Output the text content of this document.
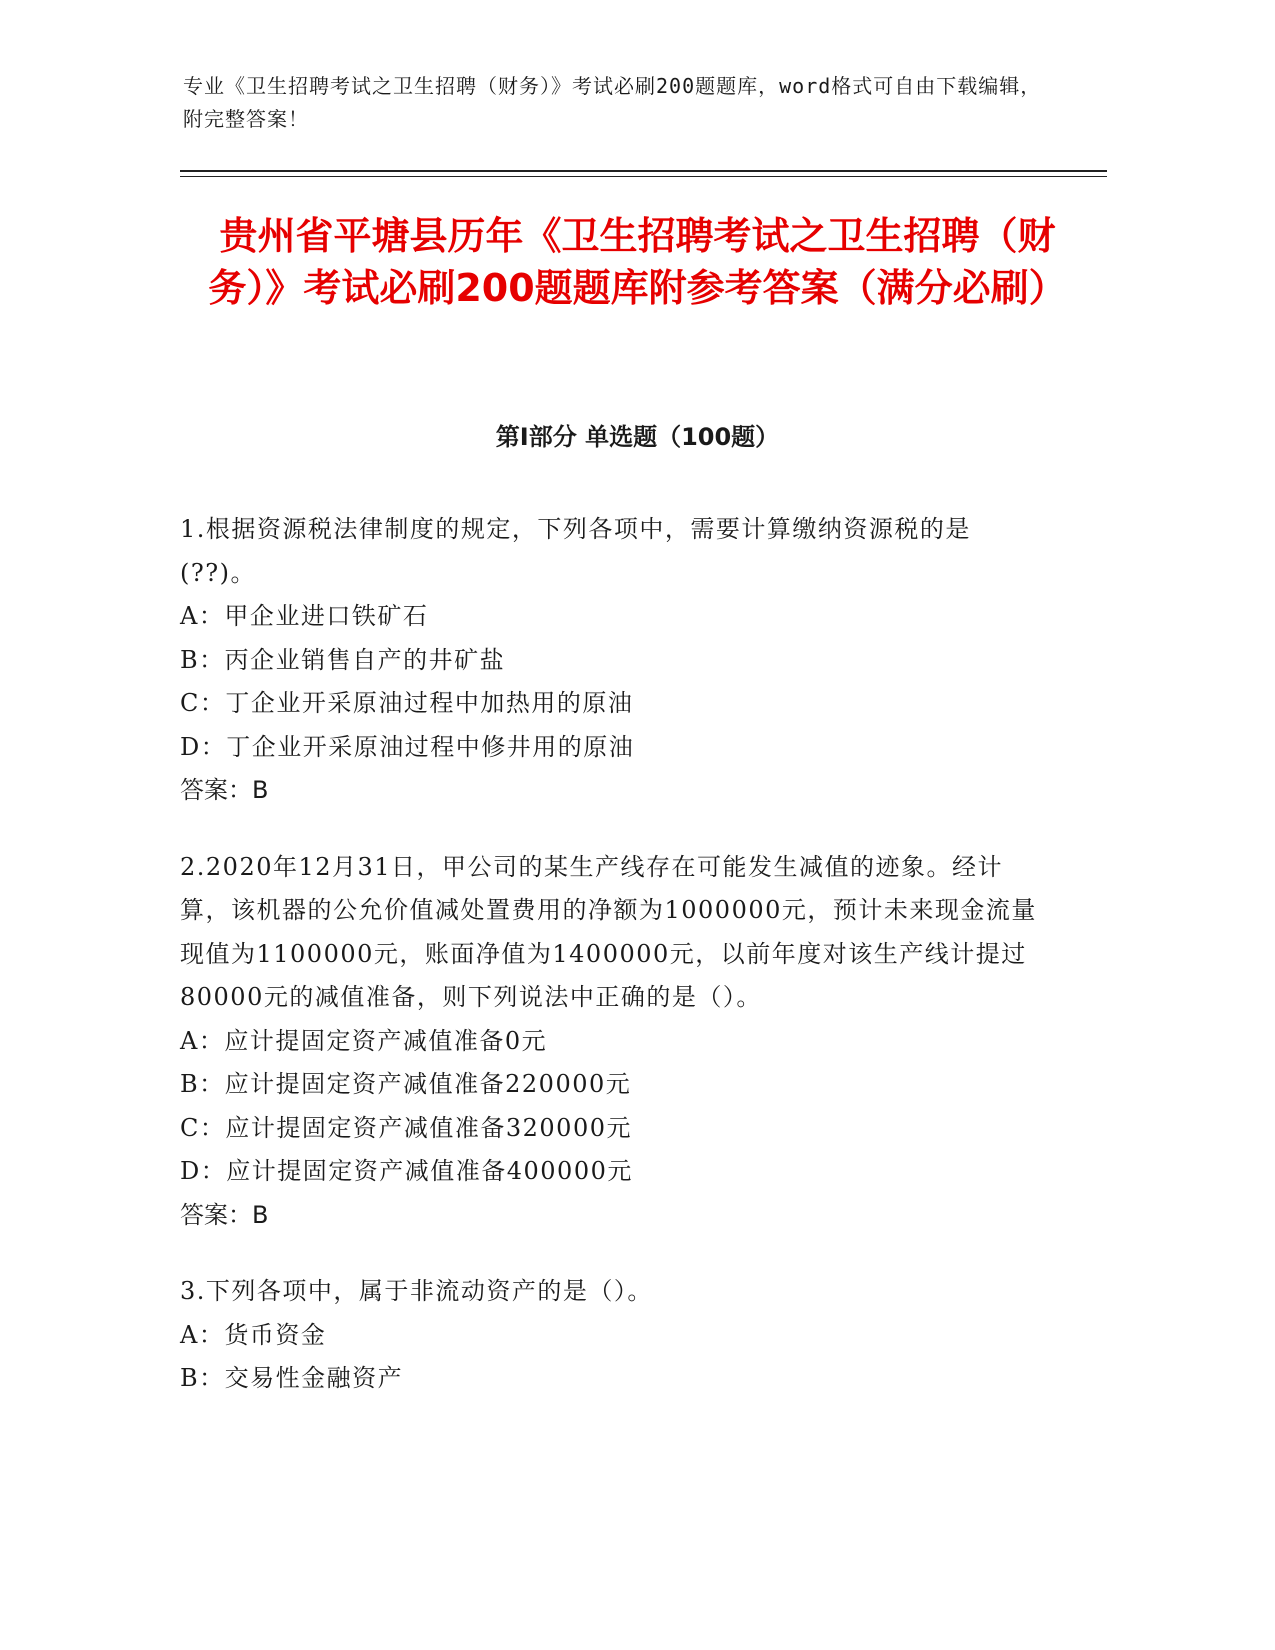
专业《卫生招聘考试之卫生招聘（财务）》考试必刷200题题库，word格式可自由下载编辑，附完整答案！
贵州省平塘县历年《卫生招聘考试之卫生招聘（财务）》考试必刷200题题库附参考答案（满分必刷）
第I部分 单选题（100题）
1.根据资源税法律制度的规定，下列各项中，需要计算缴纳资源税的是(??)。
A：甲企业进口铁矿石
B：丙企业销售自产的井矿盐
C：丁企业开采原油过程中加热用的原油
D：丁企业开采原油过程中修井用的原油
答案：B
2.2020年12月31日，甲公司的某生产线存在可能发生减值的迹象。经计算，该机器的公允价值减处置费用的净额为1000000元，预计未来现金流量现值为1100000元，账面净值为1400000元，以前年度对该生产线计提过80000元的减值准备，则下列说法中正确的是（）。
A：应计提固定资产减值准备0元
B：应计提固定资产减值准备220000元
C：应计提固定资产减值准备320000元
D：应计提固定资产减值准备400000元
答案：B
3.下列各项中，属于非流动资产的是（）。
A：货币资金
B：交易性金融资产
